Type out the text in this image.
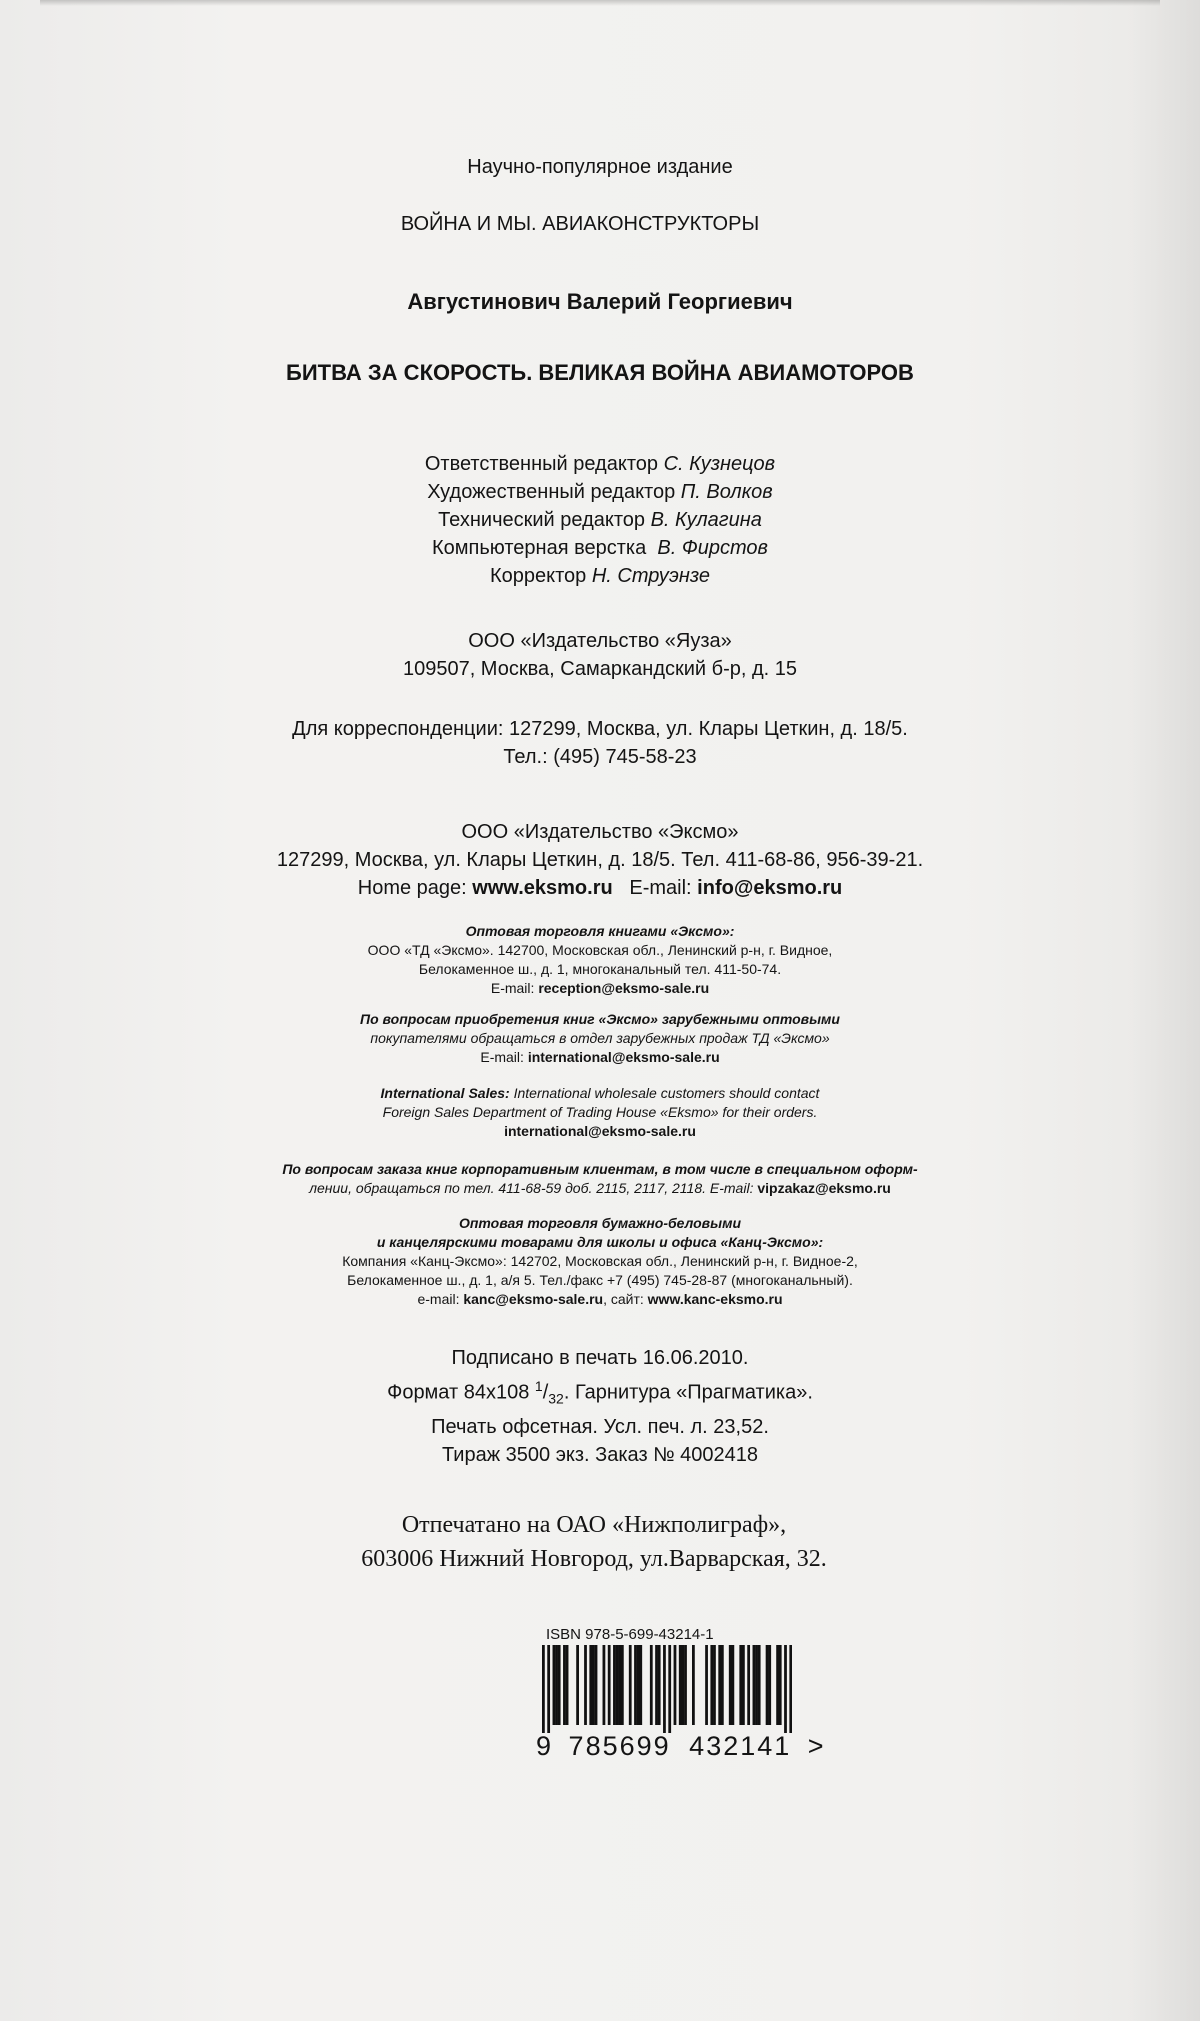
Научно-популярное издание
ВОЙНА И МЫ. АВИАКОНСТРУКТОРЫ
Августинович Валерий Георгиевич
БИТВА ЗА СКОРОСТЬ. ВЕЛИКАЯ ВОЙНА АВИАМОТОРОВ
Ответственный редактор С. Кузнецов
Художественный редактор П. Волков
Технический редактор В. Кулагина
Компьютерная верстка В. Фирстов
Корректор Н. Струэнзе
ООО «Издательство «Яуза»
109507, Москва, Самаркандский б-р, д. 15
Для корреспонденции: 127299, Москва, ул. Клары Цеткин, д. 18/5.
Тел.: (495) 745-58-23
ООО «Издательство «Эксмо»
127299, Москва, ул. Клары Цеткин, д. 18/5. Тел. 411-68-86, 956-39-21.
Home page: www.eksmo.ru E-mail: info@eksmo.ru
Оптовая торговля книгами «Эксмо»:
ООО «ТД «Эксмо». 142700, Московская обл., Ленинский р-н, г. Видное,
Белокаменное ш., д. 1, многоканальный тел. 411-50-74.
E-mail: reception@eksmo-sale.ru
По вопросам приобретения книг «Эксмо» зарубежными оптовыми
покупателями обращаться в отдел зарубежных продаж ТД «Эксмо»
E-mail: international@eksmo-sale.ru
International Sales: International wholesale customers should contact
Foreign Sales Department of Trading House «Eksmo» for their orders.
international@eksmo-sale.ru
По вопросам заказа книг корпоративным клиентам, в том числе в специальном оформ-
лении, обращаться по тел. 411-68-59 доб. 2115, 2117, 2118. E-mail: vipzakaz@eksmo.ru
Оптовая торговля бумажно-беловыми
и канцелярскими товарами для школы и офиса «Канц-Эксмо»:
Компания «Канц-Эксмо»: 142702, Московская обл., Ленинский р-н, г. Видное-2,
Белокаменное ш., д. 1, а/я 5. Тел./факс +7 (495) 745-28-87 (многоканальный).
e-mail: kanc@eksmo-sale.ru, сайт: www.kanc-eksmo.ru
Подписано в печать 16.06.2010.
Формат 84x108 $^1/_{32}$. Гарнитура «Прагматика».
Печать офсетная. Усл. печ. л. 23,52.
Тираж 3500 экз. Заказ № 4002418
Отпечатано на ОАО «Нижполиграф»,
603006 Нижний Новгород, ул.Варварская, 32.
ISBN 978-5-699-43214-1
9 785699 432141 >
